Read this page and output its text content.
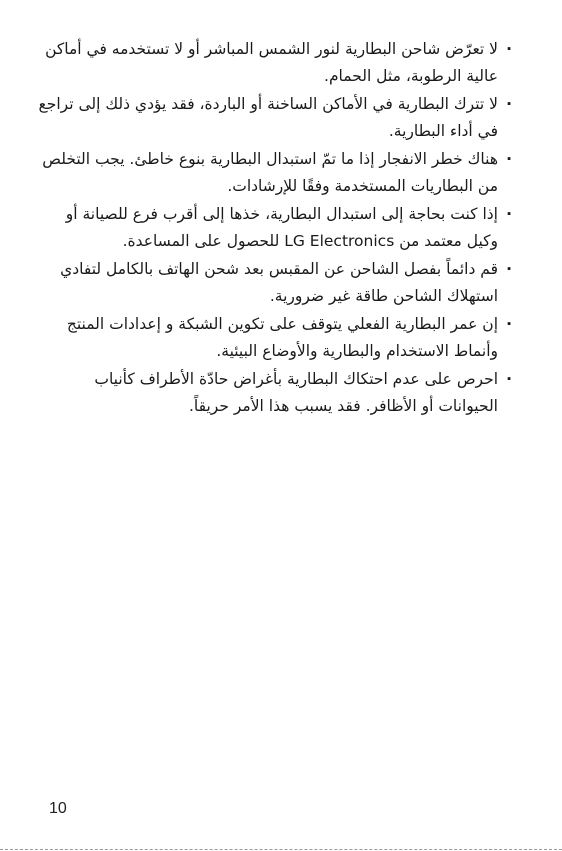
· لا تعرّض شاحن البطارية لنور الشمس المباشر أو لا تستخدمه في أماكن عالية الرطوبة، مثل الحمام.
· لا تترك البطارية في الأماكن الساخنة أو الباردة، فقد يؤدي ذلك إلى تراجع في أداء البطارية.
· هناك خطر الانفجار إذا ما تمّ استبدال البطارية بنوع خاطئ. يجب التخلص من البطاريات المستخدمة وفقًا للإرشادات.
· إذا كنت بحاجة إلى استبدال البطارية، خذها إلى أقرب فرع للصيانة أو وكيل معتمد من LG Electronics للحصول على المساعدة.
· قم دائماً بفصل الشاحن عن المقبس بعد شحن الهاتف بالكامل لتفادي استهلاك الشاحن طاقة غير ضرورية.
· إن عمر البطارية الفعلي يتوقف على تكوين الشبكة و إعدادات المنتج وأنماط الاستخدام والبطارية والأوضاع البيئية.
· احرص على عدم احتكاك البطارية بأغراض حادّة الأطراف كأنياب الحيوانات أو الأظافر. فقد يسبب هذا الأمر حريقاً.
10
